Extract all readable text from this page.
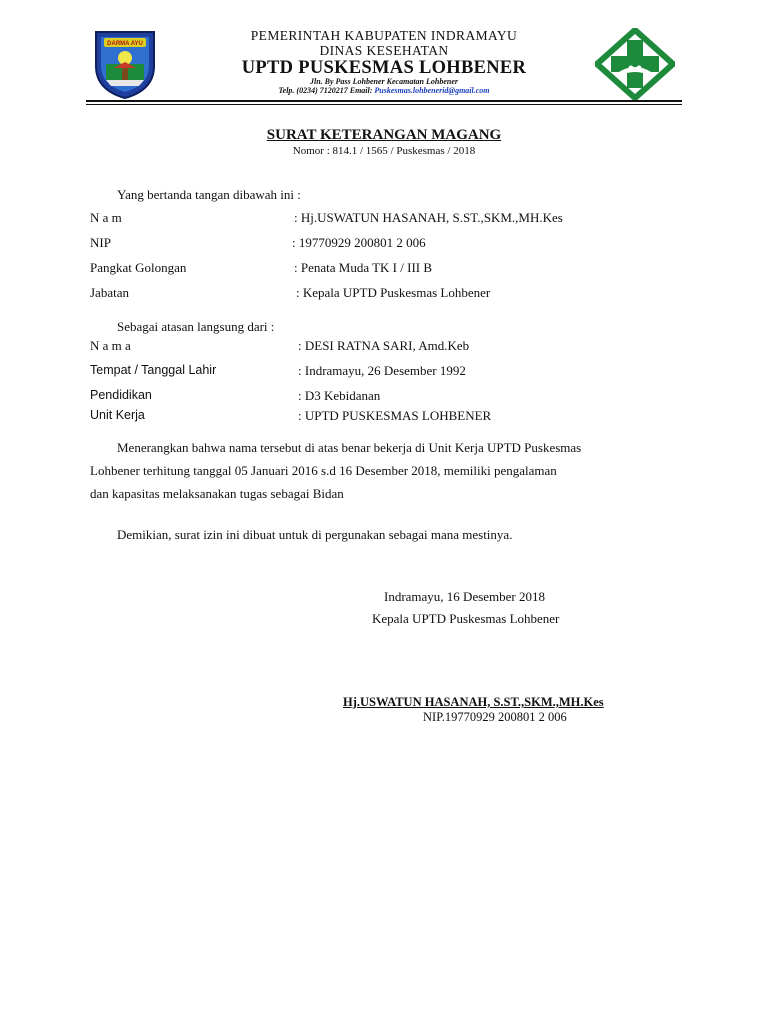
DARMA AYU
PEMERINTAH KABUPATEN INDRAMAYU
DINAS KESEHATAN
UPTD PUSKESMAS LOHBENER
Jln. By Pass Lohbener Kecamatan Lohbener
Telp. (0234) 7120217 Email: Puskesmas.lohbenerid@gmail.com
SURAT KETERANGAN MAGANG
Nomor : 814.1 / 1565 / Puskesmas / 2018
Yang bertanda tangan dibawah ini :
N a m	: Hj.USWATUN HASANAH, S.ST.,SKM.,MH.Kes
NIP	: 19770929 200801 2 006
Pangkat Golongan	: Penata Muda TK I / III B
Jabatan	: Kepala UPTD Puskesmas Lohbener
Sebagai atasan langsung dari :
N a m a	: DESI RATNA SARI, Amd.Keb
Tempat / Tanggal Lahir	: Indramayu, 26 Desember 1992
Pendidikan	: D3 Kebidanan
Unit Kerja	: UPTD PUSKESMAS LOHBENER
Menerangkan bahwa nama tersebut di atas benar bekerja di Unit Kerja UPTD Puskesmas
Lohbener terhitung tanggal 05 Januari 2016 s.d 16 Desember 2018, memiliki pengalaman
dan kapasitas melaksanakan tugas sebagai Bidan
Demikian, surat izin ini dibuat untuk di pergunakan sebagai mana mestinya.
Indramayu, 16 Desember 2018
Kepala UPTD Puskesmas Lohbener
Hj.USWATUN HASANAH, S.ST.,SKM.,MH.Kes
NIP.19770929 200801 2 006
